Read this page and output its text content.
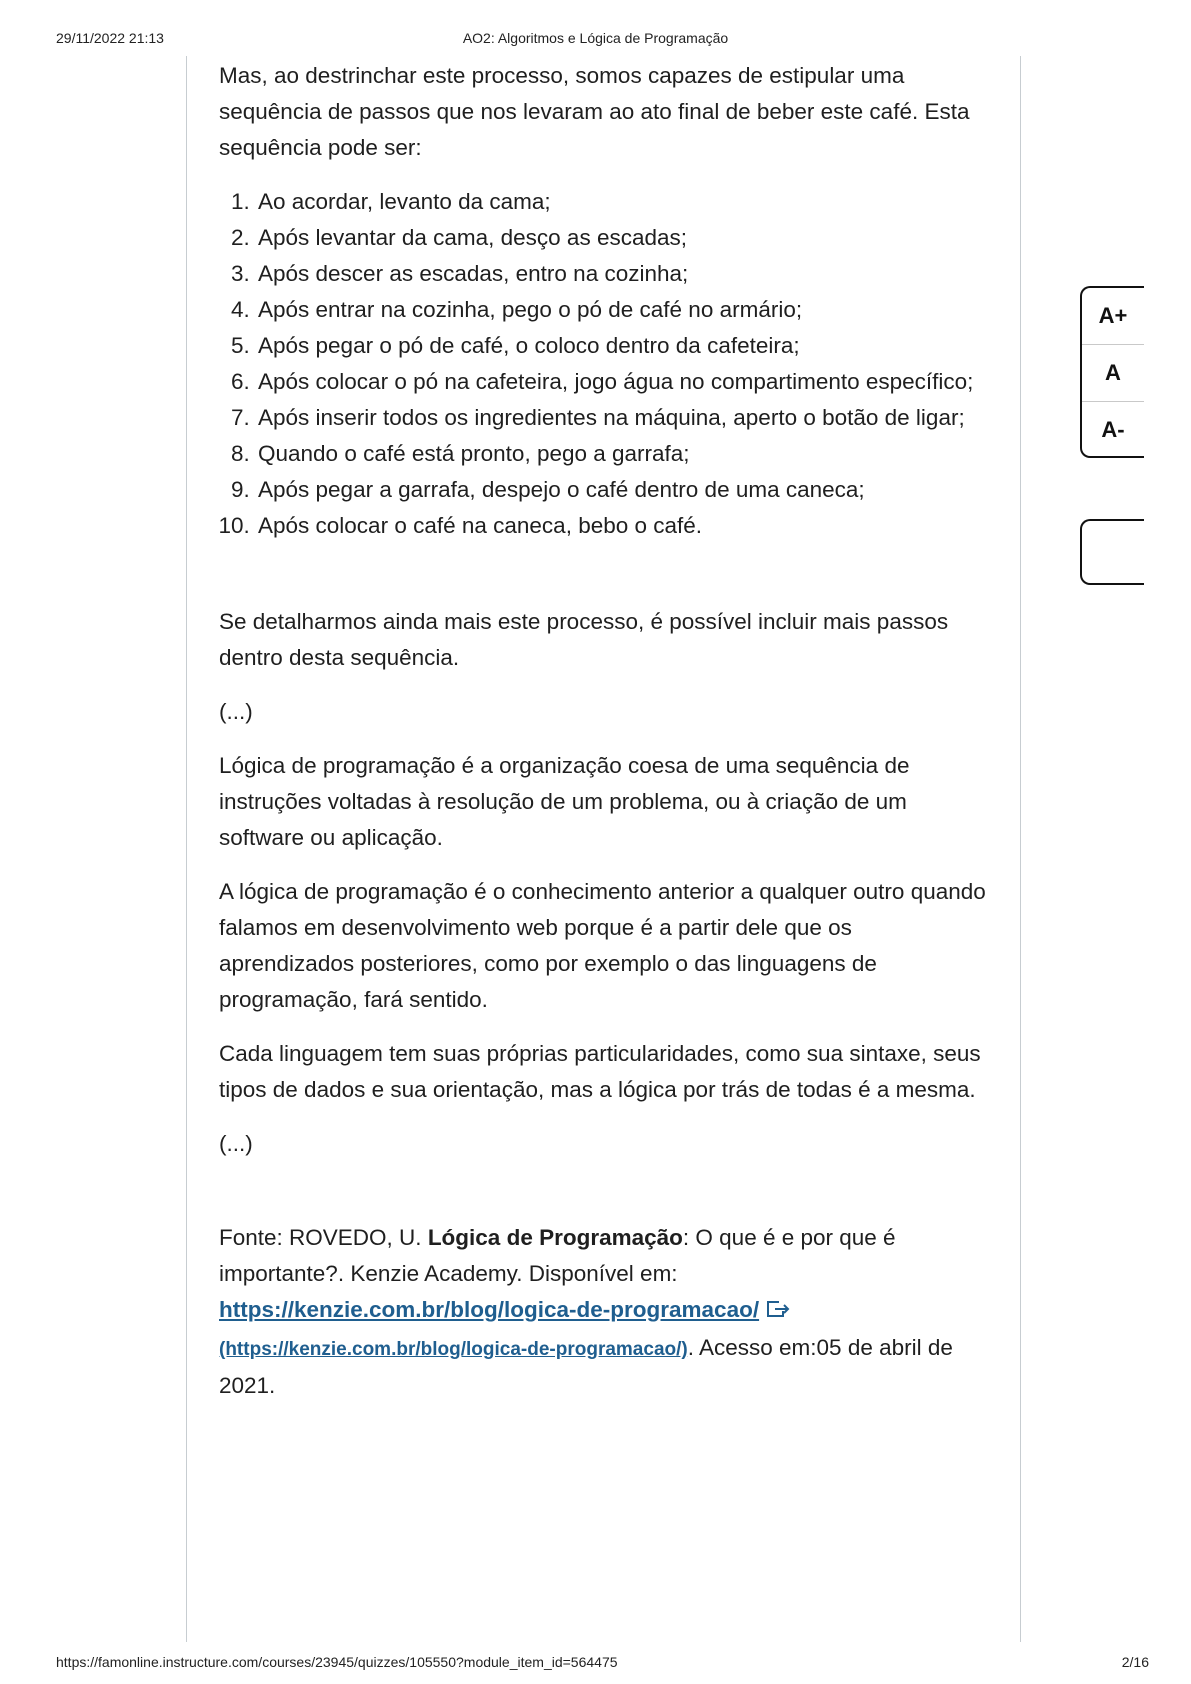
29/11/2022 21:13	AO2: Algoritmos e Lógica de Programação

Mas, ao destrinchar este processo, somos capazes de estipular uma sequência de passos que nos levaram ao ato final de beber este café. Esta sequência pode ser:

1. Ao acordar, levanto da cama;
2. Após levantar da cama, desço as escadas;
3. Após descer as escadas, entro na cozinha;
4. Após entrar na cozinha, pego o pó de café no armário;
5. Após pegar o pó de café, o coloco dentro da cafeteira;
6. Após colocar o pó na cafeteira, jogo água no compartimento específico;
7. Após inserir todos os ingredientes na máquina, aperto o botão de ligar;
8. Quando o café está pronto, pego a garrafa;
9. Após pegar a garrafa, despejo o café dentro de uma caneca;
10. Após colocar o café na caneca, bebo o café.

Se detalharmos ainda mais este processo, é possível incluir mais passos dentro desta sequência.

(...)

Lógica de programação é a organização coesa de uma sequência de instruções voltadas à resolução de um problema, ou à criação de um software ou aplicação.

A lógica de programação é o conhecimento anterior a qualquer outro quando falamos em desenvolvimento web porque é a partir dele que os aprendizados posteriores, como por exemplo o das linguagens de programação, fará sentido.

Cada linguagem tem suas próprias particularidades, como sua sintaxe, seus tipos de dados e sua orientação, mas a lógica por trás de todas é a mesma.

(...)

Fonte: ROVEDO, U. Lógica de Programação: O que é e por que é importante?. Kenzie Academy. Disponível em:
https://kenzie.com.br/blog/logica-de-programacao/
(https://kenzie.com.br/blog/logica-de-programacao/). Acesso em:05 de abril de 2021.

A+
A
A-
https://famonline.instructure.com/courses/23945/quizzes/105550?module_item_id=564475	2/16
